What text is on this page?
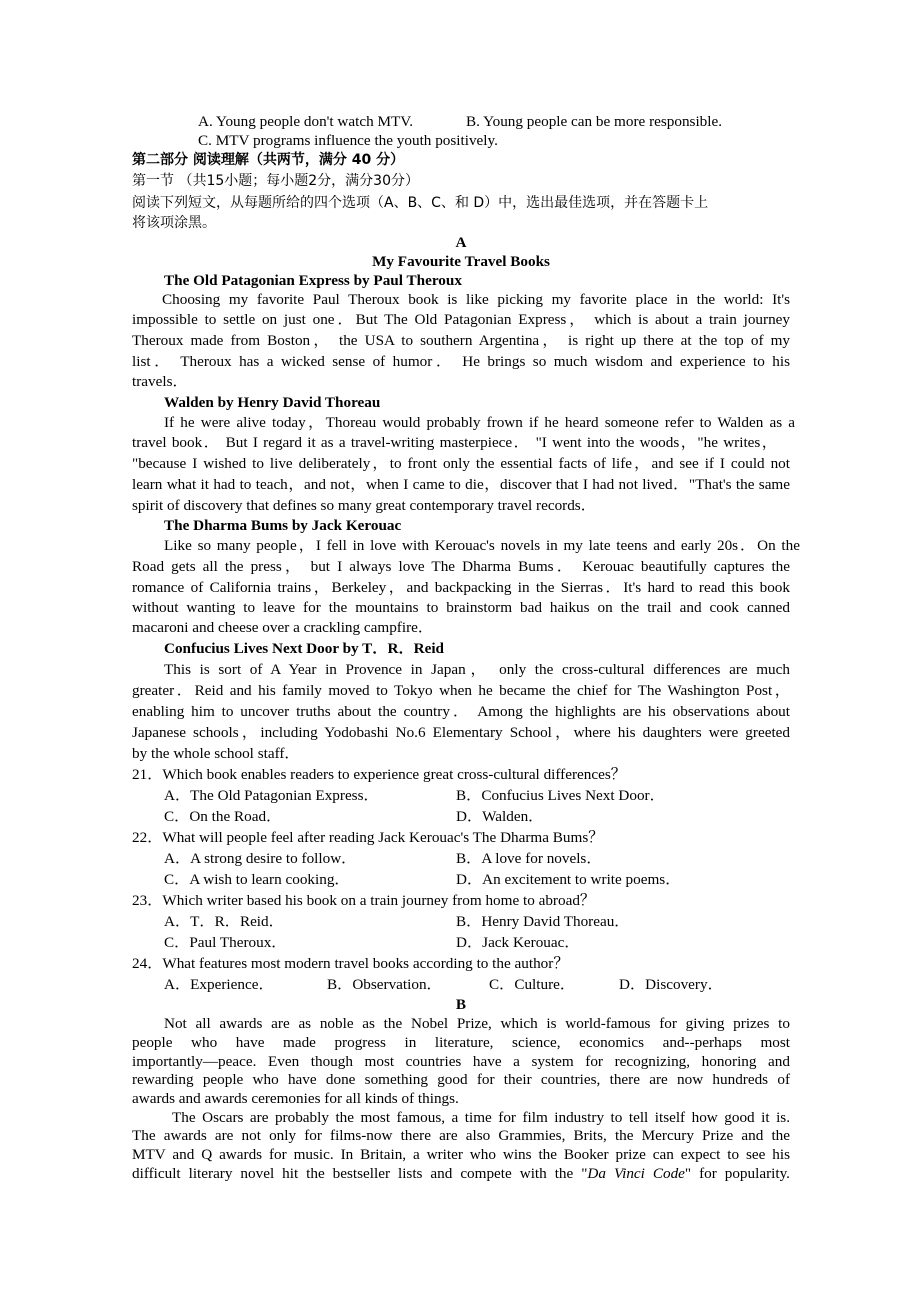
A. Young people don't watch MTV.	B. Young people can be more responsible.
C. MTV programs influence the youth positively.
第二部分 阅读理解（共两节，满分 40 分）
第一节 （共15小题；每小题2分，满分30分）
阅读下列短文，从每题所给的四个选项（A、B、C、和 D）中，选出最佳选项，并在答题卡上
将该项涂黑。
A
My Favourite Travel Books
The Old Patagonian Express by Paul Theroux
Choosing my favorite Paul Theroux book is like picking my favorite place in the world: It's
impossible to settle on just one．But The Old Patagonian Express， which is about a train journey
Theroux made from Boston， the USA to southern Argentina， is right up there at the top of my
list． Theroux has a wicked sense of humor． He brings so much wisdom and experience to his
travels．
Walden by Henry David Thoreau
If he were alive today，Thoreau would probably frown if he heard someone refer to Walden as a
travel book． But I regard it as a travel-writing masterpiece． "I went into the woods，"he writes，
"because I wished to live deliberately，to front only the essential facts of life，and see if I could not
learn what it had to teach，and not，when I came to die，discover that I had not lived．"That's the same
spirit of discovery that defines so many great contemporary travel records．
The Dharma Bums by Jack Kerouac
Like so many people，I fell in love with Kerouac's novels in my late teens and early 20s．On the
Road gets all the press， but I always love The Dharma Bums． Kerouac beautifully captures the
romance of California trains，Berkeley，and backpacking in the Sierras．It's hard to read this book
without wanting to leave for the mountains to brainstorm bad haikus on the trail and cook canned
macaroni and cheese over a crackling campfire．
Confucius Lives Next Door by T．R．Reid
This is sort of A Year in Provence in Japan， only the cross-cultural differences are much
greater．Reid and his family moved to Tokyo when he became the chief for The Washington Post，
enabling him to uncover truths about the country． Among the highlights are his observations about
Japanese schools，including Yodobashi No.6 Elementary School，where his daughters were greeted
by the whole school staff．
21．Which book enables readers to experience great cross-cultural differences？
A．The Old Patagonian Express．	B．Confucius Lives Next Door．
C．On the Road．	D．Walden．
22．What will people feel after reading Jack Kerouac's The Dharma Bums？
A．A strong desire to follow．	B．A love for novels．
C．A wish to learn cooking．	D．An excitement to write poems．
23．Which writer based his book on a train journey from home to abroad？
A．T．R．Reid．	B．Henry David Thoreau．
C．Paul Theroux．	D．Jack Kerouac．
24．What features most modern travel books according to the author？
A．Experience．	B．Observation．	C．Culture．	D．Discovery．
B
Not all awards are as noble as the Nobel Prize, which is world-famous for giving prizes to
people who have made progress in literature, science, economics and--perhaps most
importantly—peace. Even though most countries have a system for recognizing, honoring and
rewarding people who have done something good for their countries, there are now hundreds of
awards and awards ceremonies for all kinds of things.
The Oscars are probably the most famous, a time for film industry to tell itself how good it is.
The awards are not only for films-now there are also Grammies, Brits, the Mercury Prize and the
MTV and Q awards for music. In Britain, a writer who wins the Booker prize can expect to see his
difficult literary novel hit the bestseller lists and compete with the "Da Vinci Code" for popularity.
